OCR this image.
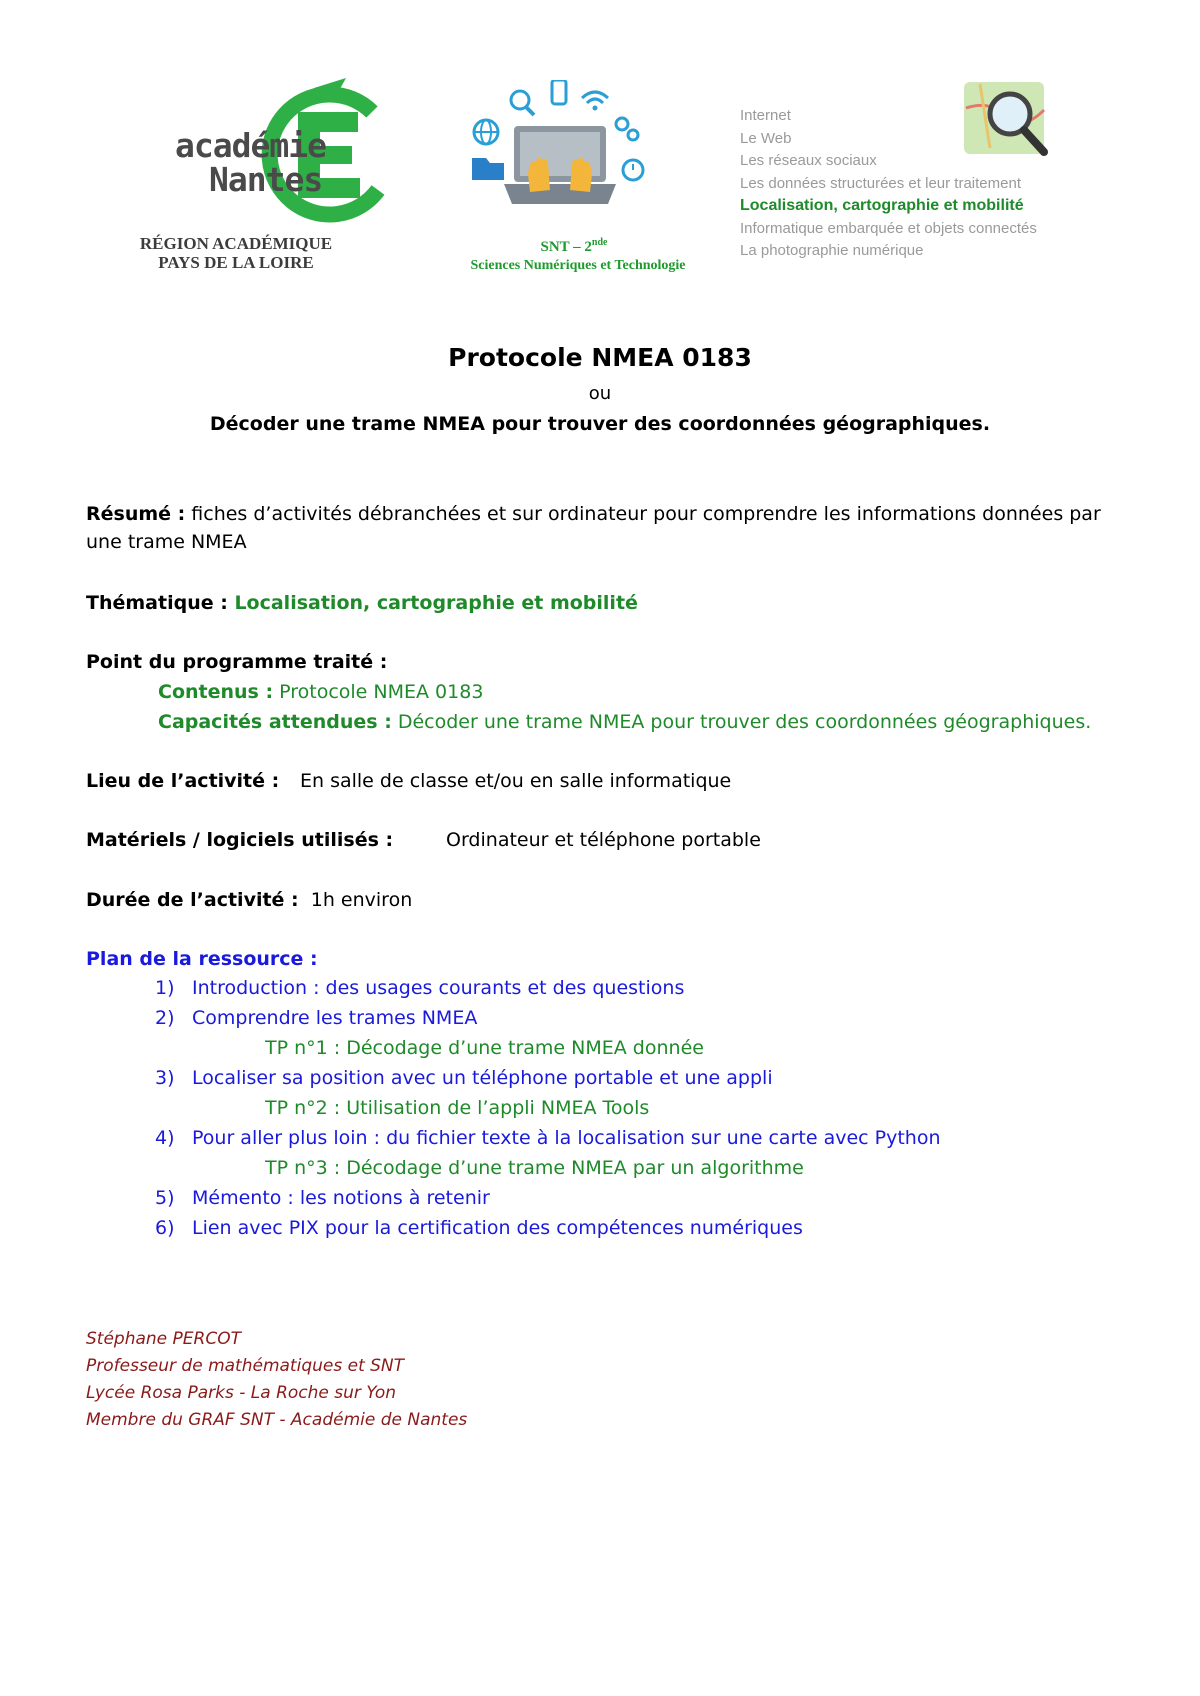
académie
Nantes
RÉGION ACADÉMIQUE
PAYS DE LA LOIRE
SNT – 2nde
Sciences Numériques et Technologie
Internet
Le Web
Les réseaux sociaux
Les données structurées et leur traitement
Localisation, cartographie et mobilité
Informatique embarquée et objets connectés
La photographie numérique
Protocole NMEA 0183
ou
Décoder une trame NMEA pour trouver des coordonnées géographiques.
Résumé : fiches d’activités débranchées et sur ordinateur pour comprendre les informations données par une trame NMEA
Thématique : Localisation, cartographie et mobilité
Point du programme traité :
Contenus : Protocole NMEA 0183
Capacités attendues : Décoder une trame NMEA pour trouver des coordonnées géographiques.
Lieu de l’activité : En salle de classe et/ou en salle informatique
Matériels / logiciels utilisés :	Ordinateur et téléphone portable
Durée de l’activité : 1h environ
Plan de la ressource :
1) Introduction : des usages courants et des questions
2) Comprendre les trames NMEA
TP n°1 : Décodage d’une trame NMEA donnée
3) Localiser sa position avec un téléphone portable et une appli
TP n°2 : Utilisation de l’appli NMEA Tools
4) Pour aller plus loin : du fichier texte à la localisation sur une carte avec Python
TP n°3 : Décodage d’une trame NMEA par un algorithme
5) Mémento : les notions à retenir
6) Lien avec PIX pour la certification des compétences numériques
Stéphane PERCOT
Professeur de mathématiques et SNT
Lycée Rosa Parks - La Roche sur Yon
Membre du GRAF SNT - Académie de Nantes
